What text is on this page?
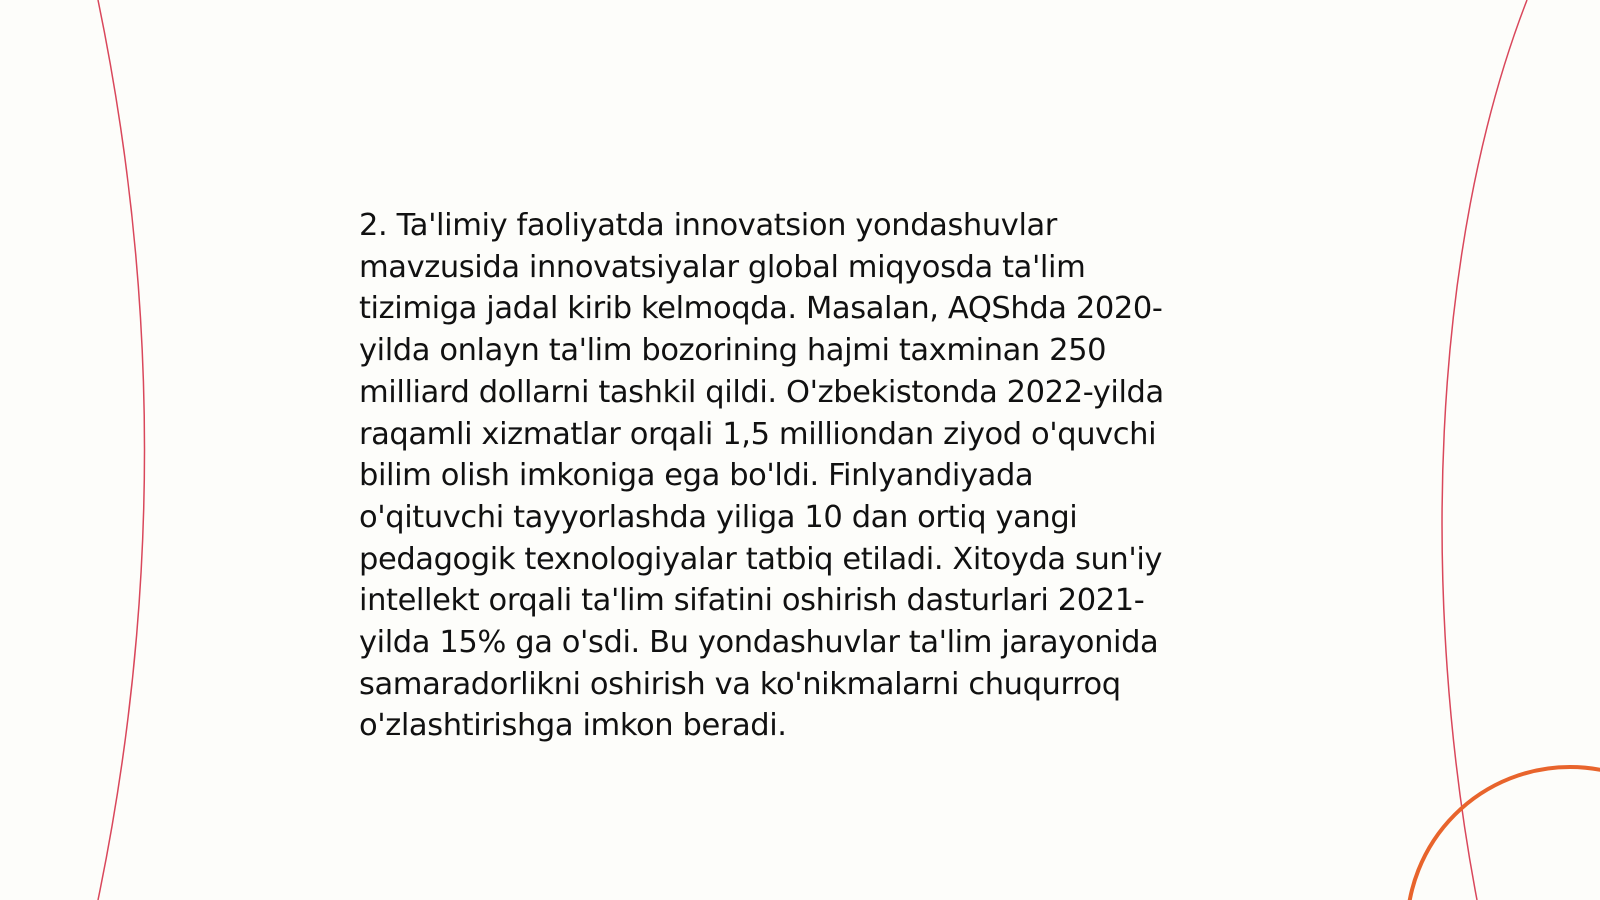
2. Ta'limiy faoliyatda innovatsion yondashuvlar
mavzusida innovatsiyalar global miqyosda ta'lim
tizimiga jadal kirib kelmoqda. Masalan, AQShda 2020-
yilda onlayn ta'lim bozorining hajmi taxminan 250
milliard dollarni tashkil qildi. O'zbekistonda 2022-yilda
raqamli xizmatlar orqali 1,5 milliondan ziyod o'quvchi
bilim olish imkoniga ega bo'ldi. Finlyandiyada
o'qituvchi tayyorlashda yiliga 10 dan ortiq yangi
pedagogik texnologiyalar tatbiq etiladi. Xitoyda sun'iy
intellekt orqali ta'lim sifatini oshirish dasturlari 2021-
yilda 15% ga o'sdi. Bu yondashuvlar ta'lim jarayonida
samaradorlikni oshirish va ko'nikmalarni chuqurroq
o'zlashtirishga imkon beradi.
